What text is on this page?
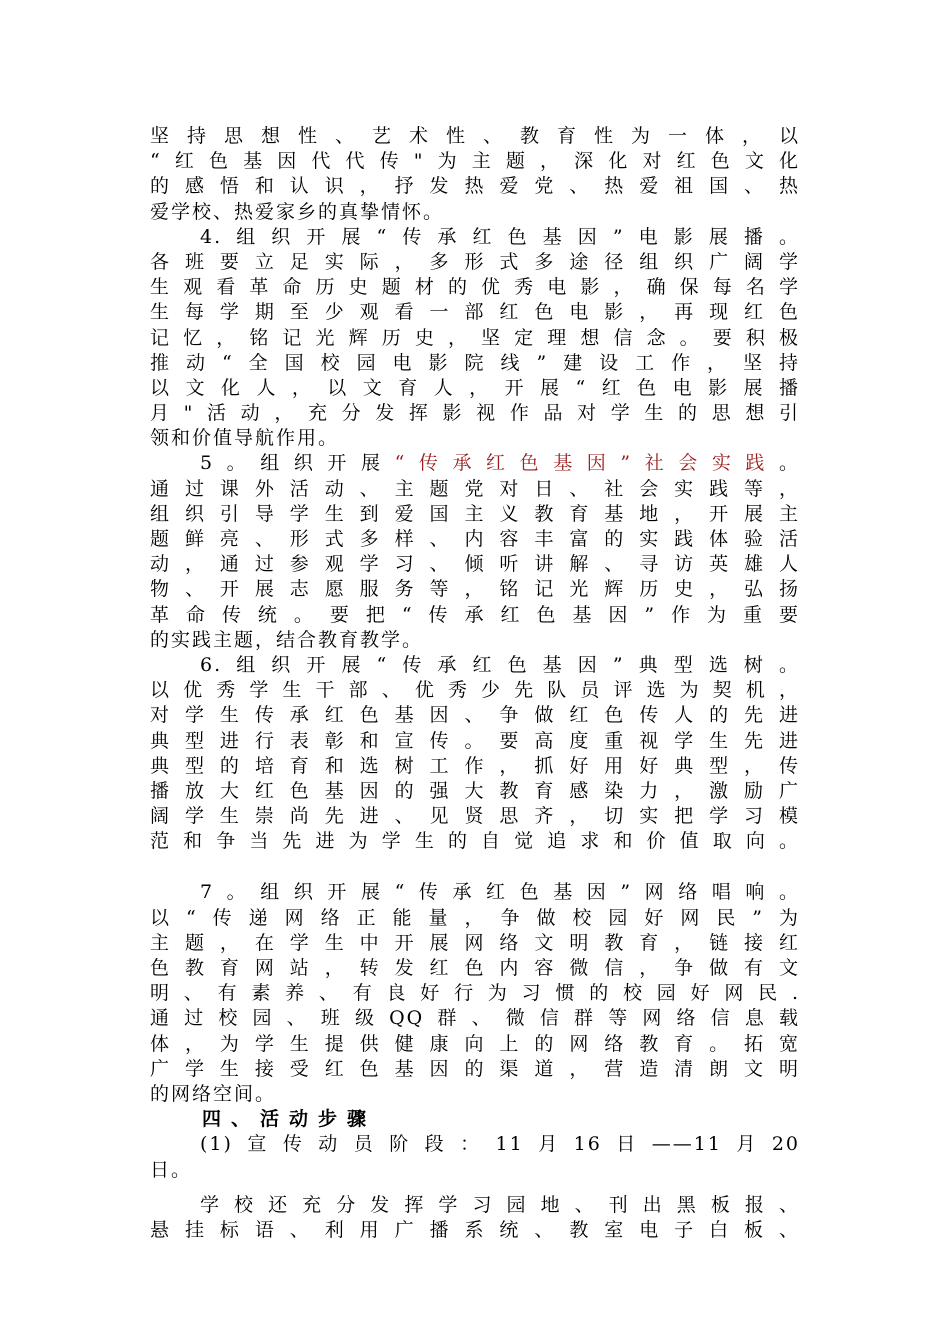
坚持思想性、艺术性、教育性为一体，以
“红色基因代代传"为主题，深化对红色文化
的感悟和认识，抒发热爱党、热爱祖国、热
爱学校、热爱家乡的真挚情怀。
4.组织开展“传承红色基因”电影展播。
各班要立足实际，多形式多途径组织广阔学
生观看革命历史题材的优秀电影，确保每名学
生每学期至少观看一部红色电影，再现红色
记忆，铭记光辉历史，坚定理想信念。要积极
推动“全国校园电影院线”建设工作，坚持
以文化人，以文育人，开展“红色电影展播
月"活动，充分发挥影视作品对学生的思想引
领和价值导航作用。
5。组织开展“传承红色基因”社会实践。
通过课外活动、主题党对日、社会实践等，
组织引导学生到爱国主义教育基地，开展主
题鲜亮、形式多样、内容丰富的实践体验活
动，通过参观学习、倾听讲解、寻访英雄人
物、开展志愿服务等，铭记光辉历史，弘扬
革命传统。要把“传承红色基因”作为重要
的实践主题，结合教育教学。
6.组织开展“传承红色基因”典型选树。
以优秀学生干部、优秀少先队员评选为契机，
对学生传承红色基因、争做红色传人的先进
典型进行表彰和宣传。要高度重视学生先进
典型的培育和选树工作，抓好用好典型，传
播放大红色基因的强大教育感染力，激励广
阔学生崇尚先进、见贤思齐，切实把学习模
范和争当先进为学生的自觉追求和价值取向。
7。组织开展“传承红色基因”网络唱响。
以“传递网络正能量，争做校园好网民”为
主题，在学生中开展网络文明教育，链接红
色教育网站，转发红色内容微信，争做有文
明、有素养、有良好行为习惯的校园好网民.
通过校园、班级QQ群、微信群等网络信息载
体，为学生提供健康向上的网络教育。拓宽
广学生接受红色基因的渠道，营造清朗文明
的网络空间。
四、活动步骤
(1)宣传动员阶段：11月16日——11月20
日。
学校还充分发挥学习园地、刊出黑板报、
悬挂标语、利用广播系统、教室电子白板、
